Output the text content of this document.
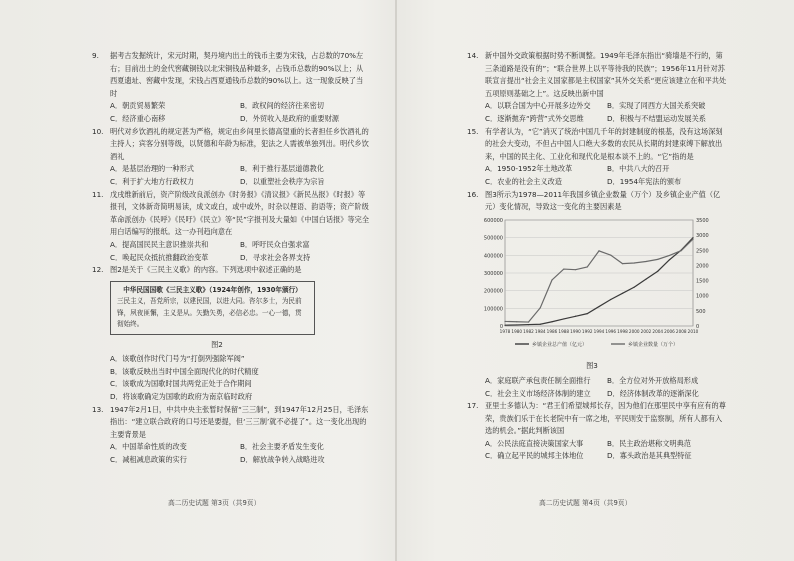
9.	据考古发掘统计，宋元时期，契丹境内出土的钱币主要为宋钱，占总数的70%左右；目前出土的金代窖藏铜钱以北宋铜钱品种最多，占钱币总数的90%以上；从西夏遗址、窖藏中发现，宋钱占西夏通钱币总数的90%以上。这一现象反映了当时
A．朝贡贸易繁荣	B．政权间的经济往来密切
C．经济重心南移	D．外贸收入是政府的重要财源
10. 明代对乡饮酒礼的规定甚为严格，规定由乡间里长德高望重的长者担任乡饮酒礼的主持人；宾客分别等级，以贤德和年龄为标准，犯法之人需被单独列出。明代乡饮酒礼
A．是基层治理的一种形式	B．利于推行基层道德教化
C．利于扩大地方行政权力	D．以重塑社会秩序为宗旨
11. 戊戌维新前后，资产阶级改良派创办《时务报》《清议报》《新民丛报》《时报》等报刊，文体新奇简明易读，成文或白，或中或外，时杂以俚语、韵语等；资产阶级革命派创办《民呼》《民吁》《民立》等“民”字报刊及大量如《中国白话报》等完全用白话编写的报纸。这一办刊趋向意在
A．提高国民民主意识推崇共和	B．呼吁民众自强求富
C．唤起民众抵抗推翻政治变革	D．寻求社会各界支持
12. 图2是关于《三民主义歌》的内容。下列选项中叙述正确的是
中华民国国歌《三民主义歌》（1924年创作，1930年颁行）
三民主义，吾党所宗，以建民国，以进大同。咨尔多士，为民前锋，夙夜匪懈，主义是从。矢勤矢勇，必信必忠。一心一德，贯彻始终。
图2
A．该歌创作时代门号为“打倒列强除军阀”
B．该歌反映出当时中国全面现代化的时代精度
C．该歌成为国歌时国共两党正处于合作期间
D．将该歌确定为国歌的政府为南京临时政府
13. 1947年2月1日，中共中央主张暂时保留“三三制”，到1947年12月25日，毛泽东指出：“建立联合政府的口号还是要提，但‘三三制’就不必提了”。这一变化出现的主要背景是
A．中国革命性质的改变	B．社会主要矛盾发生变化
C．减租减息政策的实行	D．解放战争转入战略进攻
高二历史试题 第3页（共9页）
14. 新中国外交政策根据时势不断调整。1949年毛泽东指出“骑墙是不行的，第三条道路是没有的”；“联合世界上以平等待我的民族”；1956年11月针对苏联宣言提出“社会主义国家都是主权国家”其外交关系“更应该建立在和平共处五项原则基础之上”。这反映出新中国
A．以联合国为中心开展多边外交	B．实现了同西方大国关系突破
C．逐渐拋弃“跨营”式外交思维	D．积极与不结盟运动发展关系
15. 有学者认为，“它”消灭了统治中国几千年的封建制度的根基，没有这场深刻的社会大变动，不但占中国人口绝大多数的农民从长期的封建束缚下解放出来，中国的民主化、工业化和现代化是根本谈不上的。“它”指的是
A．1950-1952年土地改革	B．中共八大的召开
C．农业的社会主义改造	D．1954年宪法的颁布
16. 图3所示为1978—2011年我国乡镇企业数量（万个）及乡镇企业产值（亿元）变化情况，导致这一变化的主要因素是
0
100000
200000
300000
400000
500000
600000
0
500
1000
1500
2000
2500
3000
3500
1978 1980 1982 1984 1986 1988 1990 1992 1994 1996 1998 2000 2002 2004 2006 2008 2010
乡镇企业总产值（亿元）	乡镇企业数量（万个）
图3
A．家庭联产承包责任制全面推行	B．全方位对外开放格局形成
C．社会主义市场经济体制的建立	D．经济体制改革的逐渐深化
17. 亚里士多德认为：“君王们希望城邦长存，因为他们在那里民中享有应有的尊荣，贵族们乐于在长老院中有一席之地，平民则安于监察制，所有人都有入选的机会。”据此判断该国
A．公民法庭直接决策国家大事	B．民主政治堪称文明典范
C．确立起平民的城邦主体地位	D．寡头政治是其典型特征
高二历史试题 第4页（共9页）
